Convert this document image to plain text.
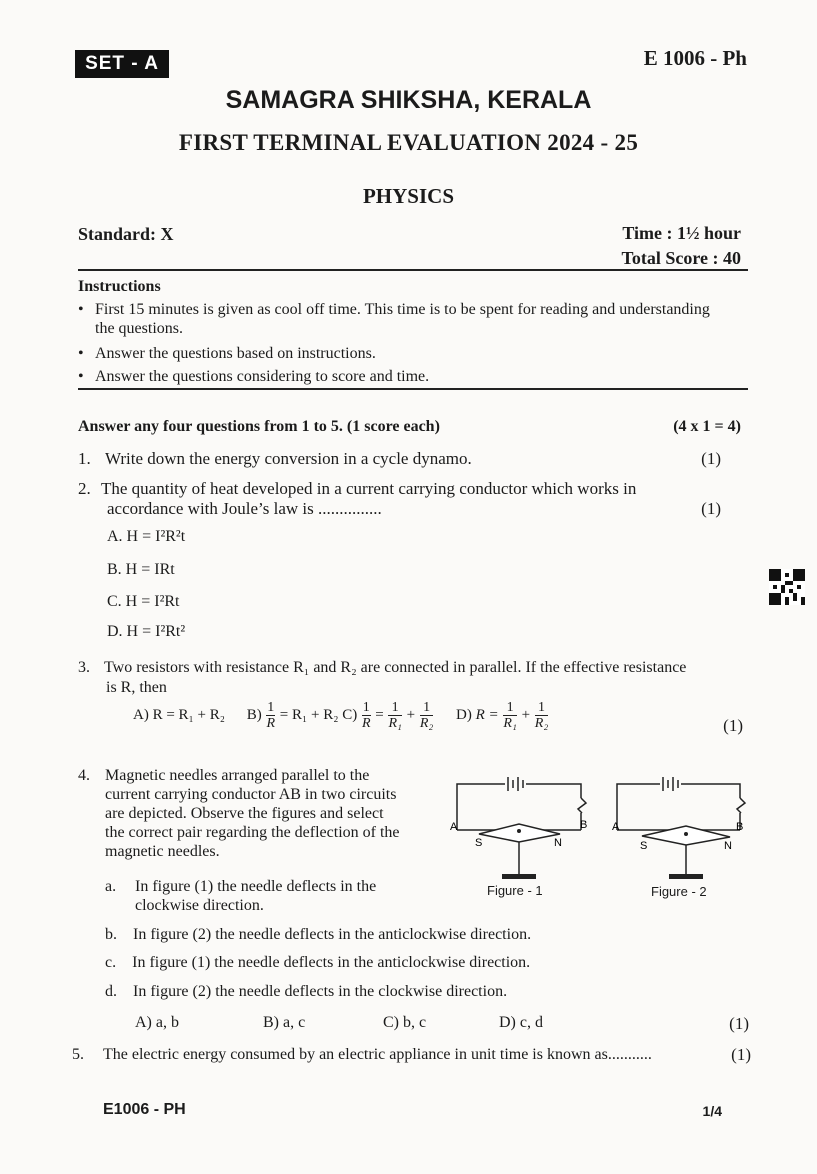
SET - A	E 1006 - Ph
SAMAGRA SHIKSHA, KERALA
FIRST TERMINAL EVALUATION 2024 - 25
PHYSICS
Standard: X	Time : 1½ hour
Total Score : 40
Instructions
• First 15 minutes is given as cool off time. This time is to be spent for reading and understanding the questions.
• Answer the questions based on instructions.
• Answer the questions considering to score and time.
Answer any four questions from 1 to 5. (1 score each)	(4 x 1 = 4)
1. Write down the energy conversion in a cycle dynamo.	(1)
2. The quantity of heat developed in a current carrying conductor which works in
accordance with Joule’s law is ...............	(1)
A. H = I²R²t
B. H = IRt
C. H = I²Rt
D. H = I²Rt²
3. Two resistors with resistance R₁ and R₂ are connected in parallel. If the effective resistance
is R, then
A) R = R₁ + R₂ $B) \frac{1}{R} = R_1 + R_2$ $C) \frac{1}{R} = \frac{1}{\text{R₁}} + \frac{1}{\text{R₂}} D$) $R = \frac{1}{\text{R₁}} + \frac{1}{\text{R₂}}$	(1)
4. Magnetic needles arranged parallel to the
current carrying conductor AB in two circuits
are depicted. Observe the figures and select
the correct pair regarding the deflection of the
magnetic needles.
A	B
S	N
Figure - 1
A	B
S	N
Figure - 2
a. In figure (1) the needle deflects in the
clockwise direction.
b. In figure (2) the needle deflects in the anticlockwise direction.
c. In figure (1) the needle deflects in the anticlockwise direction.
d. In figure (2) the needle deflects in the clockwise direction.
A) a, b	B) a, c	C) b, c	D) c, d	(1)
5. The electric energy consumed by an electric appliance in unit time is known as...........	(1)
E1006 - PH	1/4
